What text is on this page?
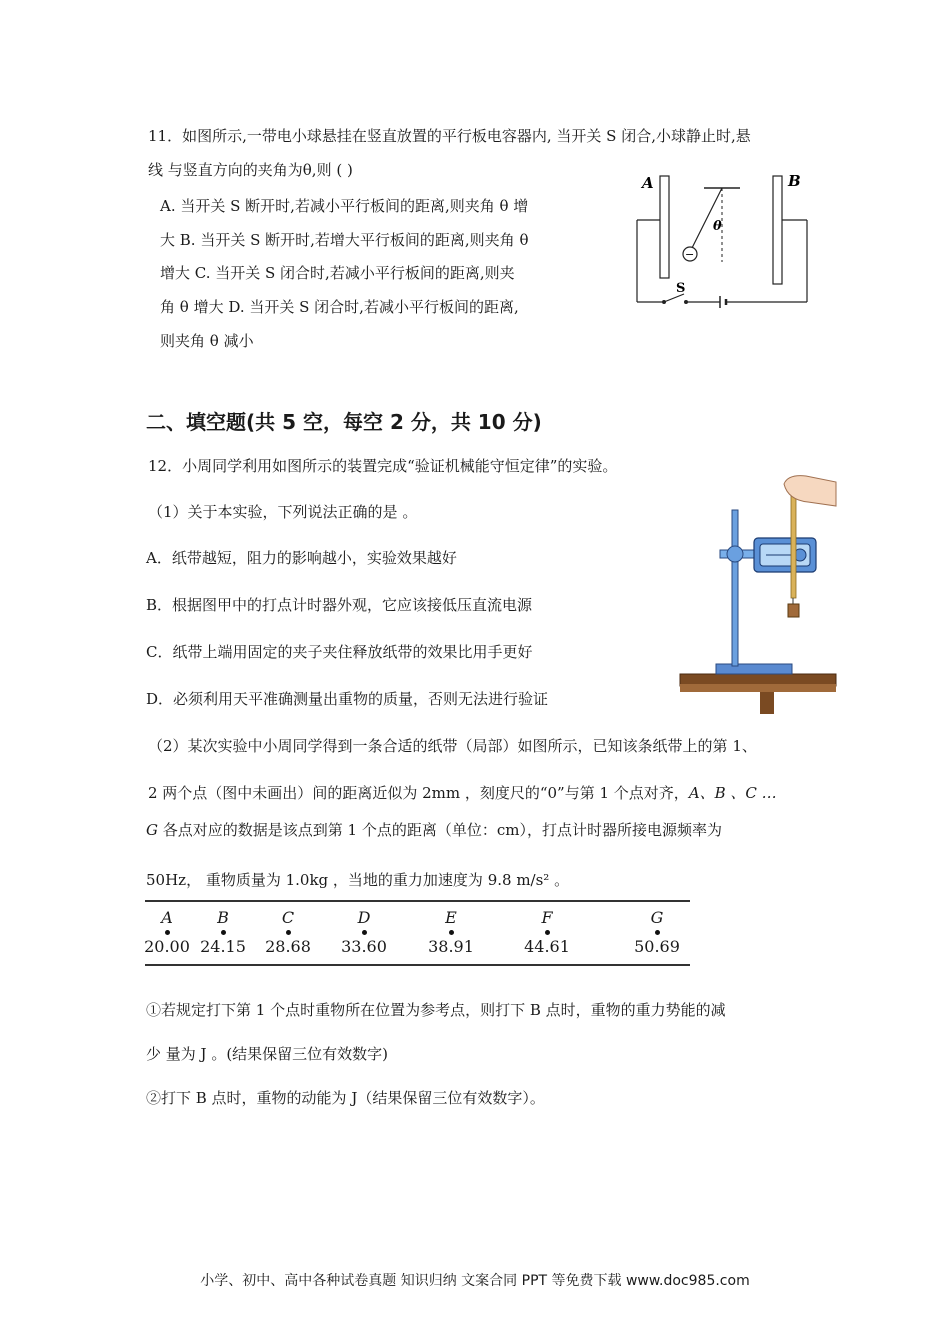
11．如图所示,一带电小球悬挂在竖直放置的平行板电容器内, 当开关 S 闭合,小球静止时,悬
线 与竖直方向的夹角为θ,则 ( )
A. 当开关 S 断开时,若减小平行板间的距离,则夹角 θ 增
大 B. 当开关 S 断开时,若增大平行板间的距离,则夹角 θ
增大 C. 当开关 S 闭合时,若减小平行板间的距离,则夹
角 θ 增大 D. 当开关 S 闭合时,若减小平行板间的距离,
则夹角 θ 减小
A	B
−
θ
S
二、填空题(共 5 空，每空 2 分，共 10 分)
12．小周同学利用如图所示的装置完成“验证机械能守恒定律”的实验。
（1）关于本实验，下列说法正确的是 。
A．纸带越短，阻力的影响越小，实验效果越好
B．根据图甲中的打点计时器外观，它应该接低压直流电源
C．纸带上端用固定的夹子夹住释放纸带的效果比用手更好
D．必须利用天平准确测量出重物的质量，否则无法进行验证
（2）某次实验中小周同学得到一条合适的纸带（局部）如图所示，已知该条纸带上的第 1、
2 两个点（图中未画出）间的距离近似为 2mm ，刻度尺的“0”与第 1 个点对齐，A、B 、C …
G 各点对应的数据是该点到第 1 个点的距离（单位：cm），打点计时器所接电源频率为
50Hz， 重物质量为 1.0kg ，当地的重力加速度为 9.8 m/s² 。
A
20.00
B
24.15
C
28.68
D
33.60
E
38.91
F
44.61
G
50.69
①若规定打下第 1 个点时重物所在位置为参考点，则打下 B 点时，重物的重力势能的减
少 量为 J 。(结果保留三位有效数字)
②打下 B 点时，重物的动能为 J（结果保留三位有效数字）。
小学、初中、高中各种试卷真题 知识归纳 文案合同 PPT 等免费下载 www.doc985.com
